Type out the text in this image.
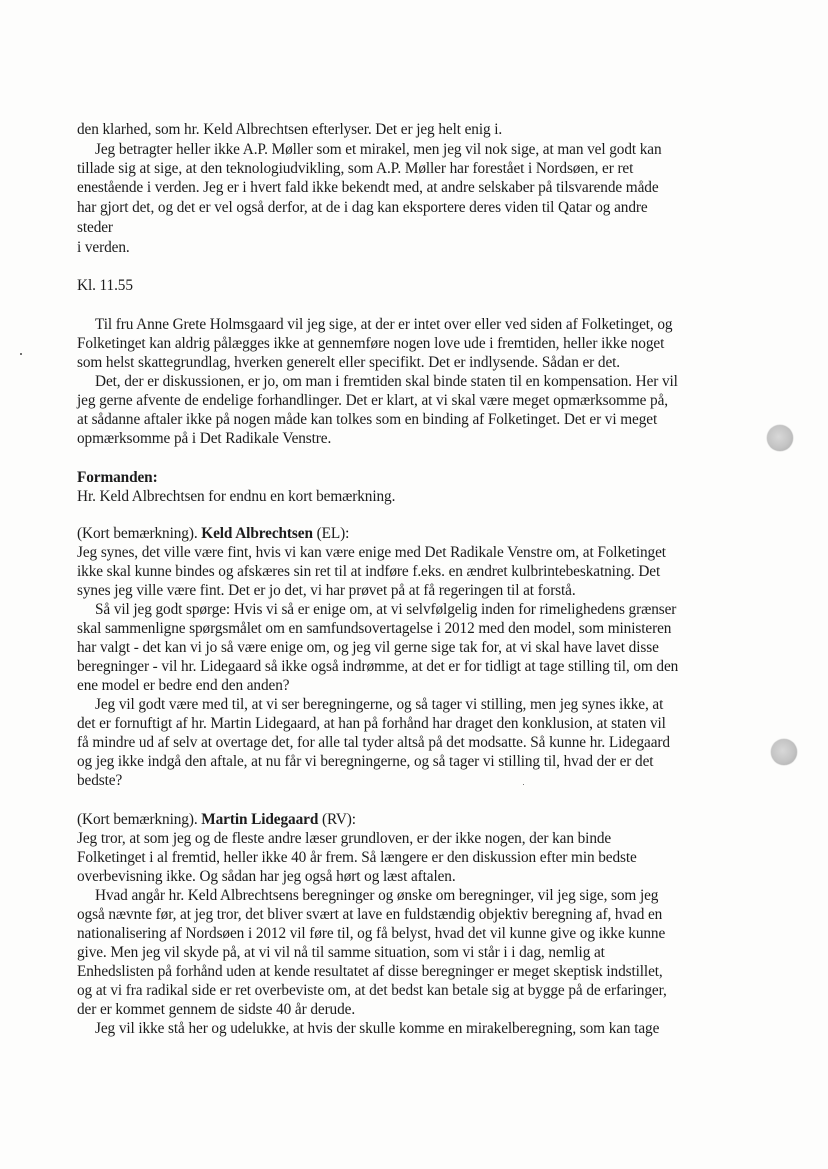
den klarhed, som hr. Keld Albrechtsen efterlyser. Det er jeg helt enig i.
Jeg betragter heller ikke A.P. Møller som et mirakel, men jeg vil nok sige, at man vel godt kan
tillade sig at sige, at den teknologiudvikling, som A.P. Møller har forestået i Nordsøen, er ret
enestående i verden. Jeg er i hvert fald ikke bekendt med, at andre selskaber på tilsvarende måde
har gjort det, og det er vel også derfor, at de i dag kan eksportere deres viden til Qatar og andre
steder
i verden.
Kl. 11.55
Til fru Anne Grete Holmsgaard vil jeg sige, at der er intet over eller ved siden af Folketinget, og
Folketinget kan aldrig pålægges ikke at gennemføre nogen love ude i fremtiden, heller ikke noget
som helst skattegrundlag, hverken generelt eller specifikt. Det er indlysende. Sådan er det.
Det, der er diskussionen, er jo, om man i fremtiden skal binde staten til en kompensation. Her vil
jeg gerne afvente de endelige forhandlinger. Det er klart, at vi skal være meget opmærksomme på,
at sådanne aftaler ikke på nogen måde kan tolkes som en binding af Folketinget. Det er vi meget
opmærksomme på i Det Radikale Venstre.
Formanden:
Hr. Keld Albrechtsen for endnu en kort bemærkning.
(Kort bemærkning). Keld Albrechtsen (EL):
Jeg synes, det ville være fint, hvis vi kan være enige med Det Radikale Venstre om, at Folketinget
ikke skal kunne bindes og afskæres sin ret til at indføre f.eks. en ændret kulbrintebeskatning. Det
synes jeg ville være fint. Det er jo det, vi har prøvet på at få regeringen til at forstå.
Så vil jeg godt spørge: Hvis vi så er enige om, at vi selvfølgelig inden for rimelighedens grænser
skal sammenligne spørgsmålet om en samfundsovertagelse i 2012 med den model, som ministeren
har valgt - det kan vi jo så være enige om, og jeg vil gerne sige tak for, at vi skal have lavet disse
beregninger - vil hr. Lidegaard så ikke også indrømme, at det er for tidligt at tage stilling til, om den
ene model er bedre end den anden?
Jeg vil godt være med til, at vi ser beregningerne, og så tager vi stilling, men jeg synes ikke, at
det er fornuftigt af hr. Martin Lidegaard, at han på forhånd har draget den konklusion, at staten vil
få mindre ud af selv at overtage det, for alle tal tyder altså på det modsatte. Så kunne hr. Lidegaard
og jeg ikke indgå den aftale, at nu får vi beregningerne, og så tager vi stilling til, hvad der er det
bedste?
(Kort bemærkning). Martin Lidegaard (RV):
Jeg tror, at som jeg og de fleste andre læser grundloven, er der ikke nogen, der kan binde
Folketinget i al fremtid, heller ikke 40 år frem. Så længere er den diskussion efter min bedste
overbevisning ikke. Og sådan har jeg også hørt og læst aftalen.
Hvad angår hr. Keld Albrechtsens beregninger og ønske om beregninger, vil jeg sige, som jeg
også nævnte før, at jeg tror, det bliver svært at lave en fuldstændig objektiv beregning af, hvad en
nationalisering af Nordsøen i 2012 vil føre til, og få belyst, hvad det vil kunne give og ikke kunne
give. Men jeg vil skyde på, at vi vil nå til samme situation, som vi står i i dag, nemlig at
Enhedslisten på forhånd uden at kende resultatet af disse beregninger er meget skeptisk indstillet,
og at vi fra radikal side er ret overbeviste om, at det bedst kan betale sig at bygge på de erfaringer,
der er kommet gennem de sidste 40 år derude.
Jeg vil ikke stå her og udelukke, at hvis der skulle komme en mirakelberegning, som kan tage
